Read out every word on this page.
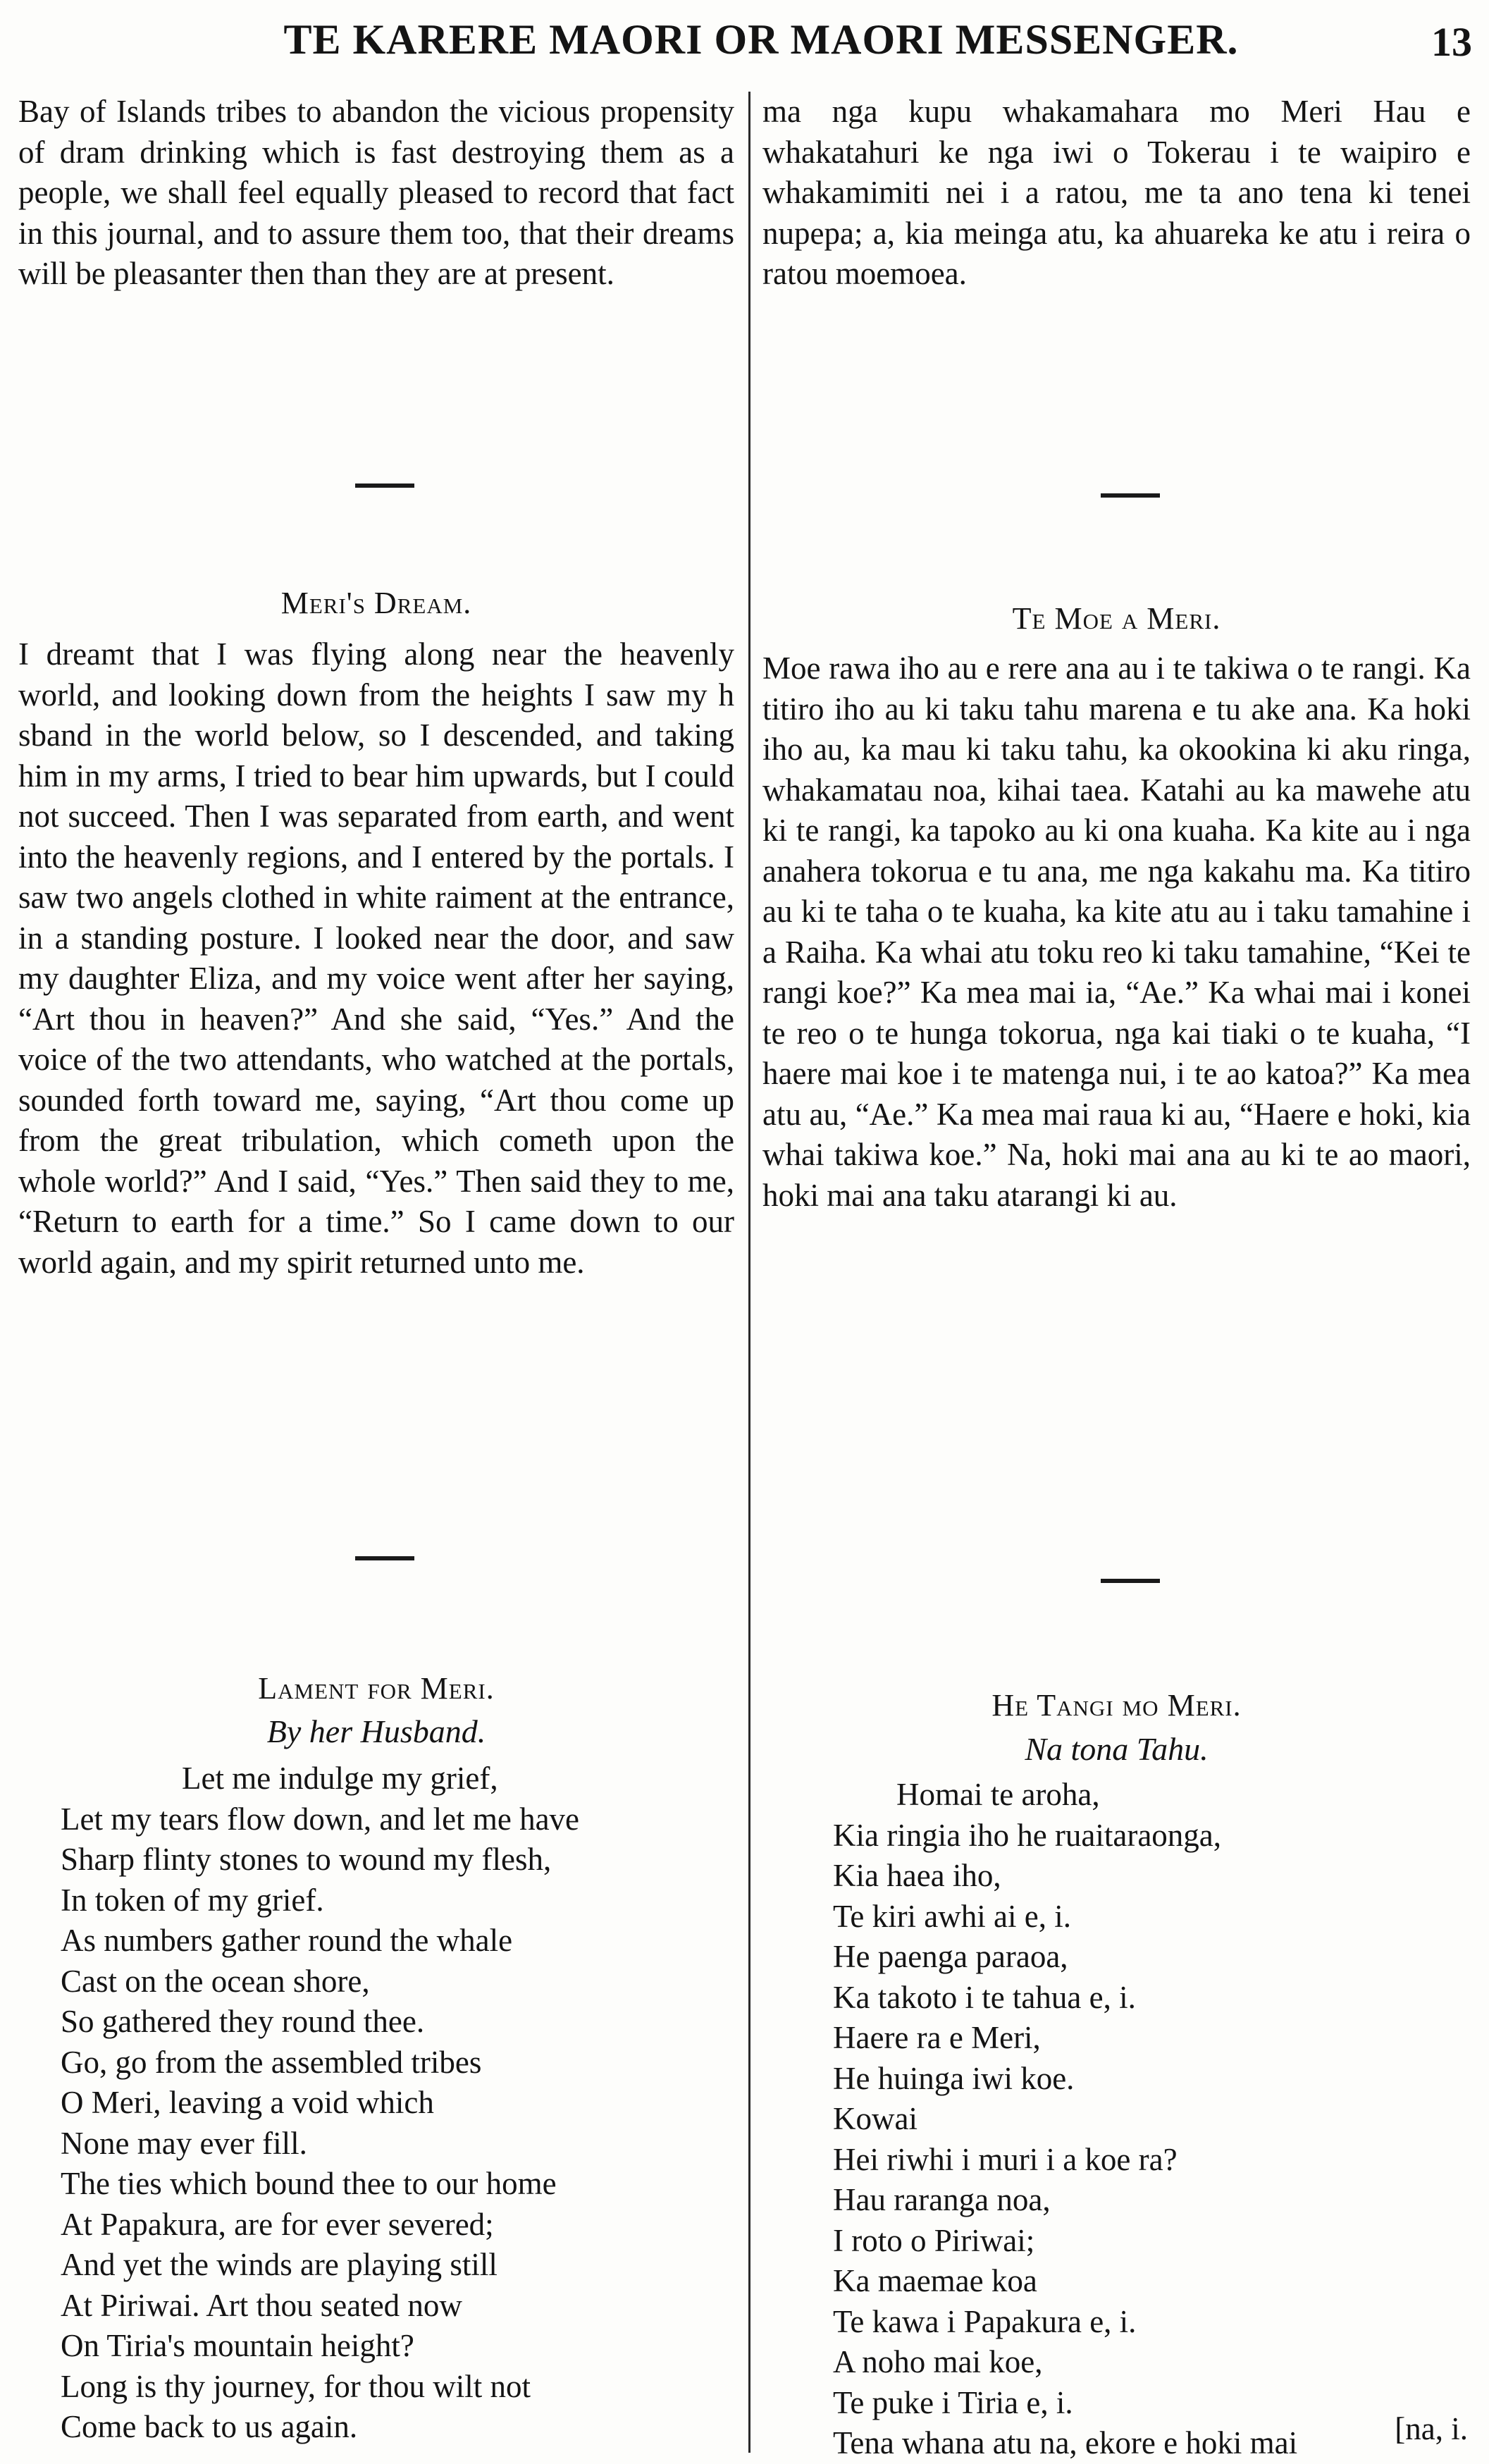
TE KARERE MAORI OR MAORI MESSENGER.	13

Bay of Islands tribes to abandon the vicious propensity of dram drinking which is fast destroying them as a people, we shall feel equally pleased to record that fact in this journal, and to assure them too, that their dreams will be pleasanter then than they are at present.

Meri's Dream.

I dreamt that I was flying along near the heavenly world, and looking down from the heights I saw my h sband in the world below, so I descended, and taking him in my arms, I tried to bear him upwards, but I could not succeed. Then I was separated from earth, and went into the heavenly regions, and I entered by the portals. I saw two angels clothed in white raiment at the entrance, in a standing posture. I looked near the door, and saw my daughter Eliza, and my voice went after her saying, “Art thou in heaven?” And she said, “Yes.” And the voice of the two attendants, who watched at the portals, sounded forth toward me, saying, “Art thou come up from the great tribulation, which cometh upon the whole world?” And I said, “Yes.” Then said they to me, “Return to earth for a time.” So I came down to our world again, and my spirit returned unto me.

Lament for Meri.
By her Husband.
Let me indulge my grief,
Let my tears flow down, and let me have
Sharp flinty stones to wound my flesh,
In token of my grief.
As numbers gather round the whale
Cast on the ocean shore,
So gathered they round thee.
Go, go from the assembled tribes
O Meri, leaving a void which
None may ever fill.
The ties which bound thee to our home
At Papakura, are for ever severed;
And yet the winds are playing still
At Piriwai. Art thou seated now
On Tiria's mountain height?
Long is thy journey, for thou wilt not
Come back to us again.

ma nga kupu whakamahara mo Meri Hau e whakatahuri ke nga iwi o Tokerau i te waipiro e whakamimiti nei i a ratou, me ta ano tena ki tenei nupepa; a, kia meinga atu, ka ahuareka ke atu i reira o ratou moemoea.

Te Moe a Meri.

Moe rawa iho au e rere ana au i te takiwa o te rangi. Ka titiro iho au ki taku tahu marena e tu ake ana. Ka hoki iho au, ka mau ki taku tahu, ka okookina ki aku ringa, whakamatau noa, kihai taea. Katahi au ka mawehe atu ki te rangi, ka tapoko au ki ona kuaha. Ka kite au i nga anahera tokorua e tu ana, me nga kakahu ma. Ka titiro au ki te taha o te kuaha, ka kite atu au i taku tamahine i a Raiha. Ka whai atu toku reo ki taku tamahine, “Kei te rangi koe?” Ka mea mai ia, “Ae.” Ka whai mai i konei te reo o te hunga tokorua, nga kai tiaki o te kuaha, “I haere mai koe i te matenga nui, i te ao katoa?” Ka mea atu au, “Ae.” Ka mea mai raua ki au, “Haere e hoki, kia whai takiwa koe.” Na, hoki mai ana au ki te ao maori, hoki mai ana taku atarangi ki au.

He Tangi mo Meri.
Na tona Tahu.
Homai te aroha,
Kia ringia iho he ruaitaraonga,
Kia haea iho,
Te kiri awhi ai e, i.
He paenga paraoa,
Ka takoto i te tahua e, i.
Haere ra e Meri,
He huinga iwi koe.
Kowai
Hei riwhi i muri i a koe ra?
Hau raranga noa,
I roto o Piriwai;
Ka maemae koa
Te kawa i Papakura e, i.
A noho mai koe,
Te puke i Tiria e, i.
Tena whana atu na, ekore e hoki mai	[na, i.
